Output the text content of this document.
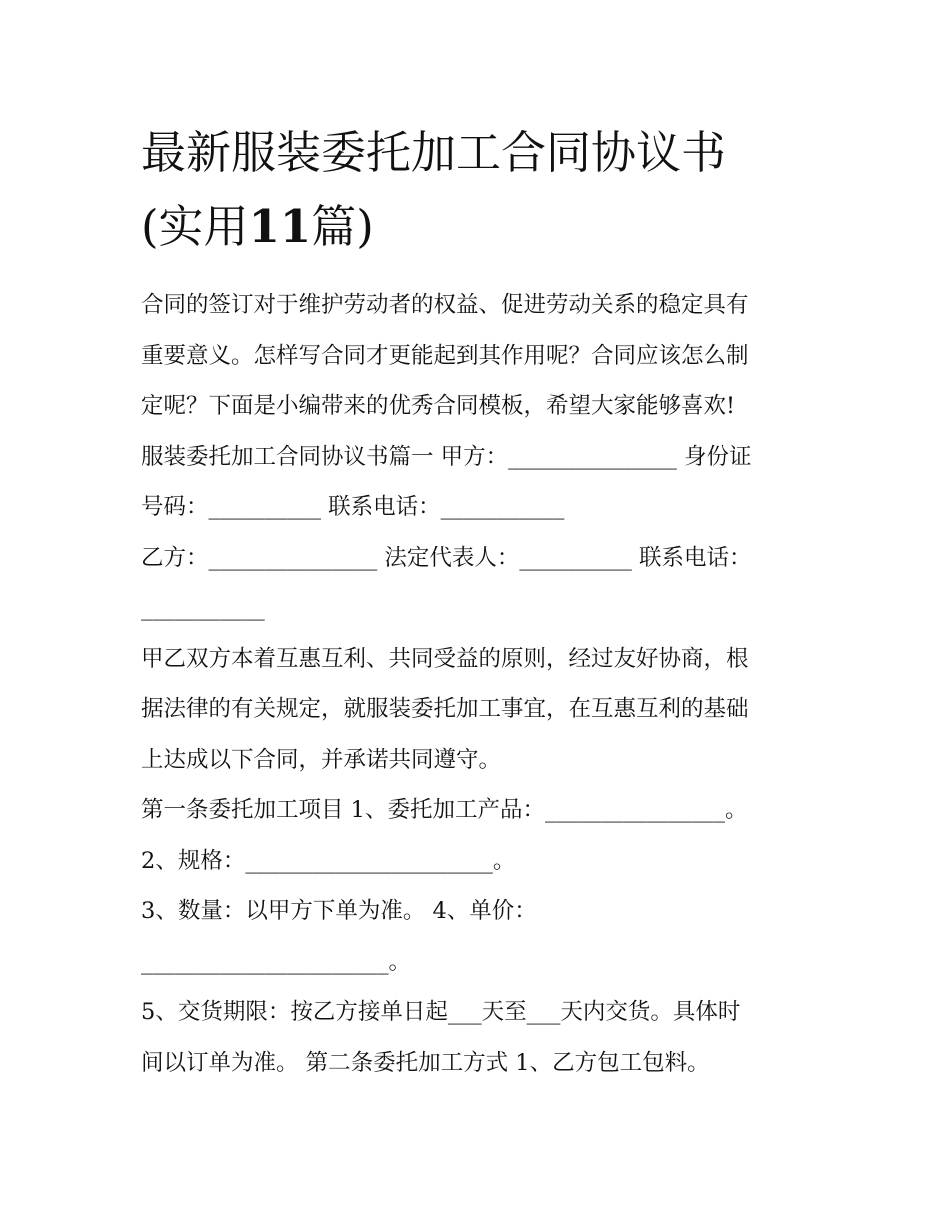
最新服装委托加工合同协议书
(实用11篇)
合同的签订对于维护劳动者的权益、促进劳动关系的稳定具有
重要意义。怎样写合同才更能起到其作用呢？合同应该怎么制
定呢？下面是小编带来的优秀合同模板，希望大家能够喜欢!
服装委托加工合同协议书篇一 甲方：_______________ 身份证
号码：__________ 联系电话：___________
乙方：_______________ 法定代表人：__________ 联系电话：
___________
甲乙双方本着互惠互利、共同受益的原则，经过友好协商，根
据法律的有关规定，就服装委托加工事宜，在互惠互利的基础
上达成以下合同，并承诺共同遵守。
第一条委托加工项目 1、委托加工产品：________________。
2、规格：______________________。
3、数量：以甲方下单为准。 4、单价：
______________________。
5、交货期限：按乙方接单日起___天至___天内交货。具体时
间以订单为准。 第二条委托加工方式 1、乙方包工包料。
